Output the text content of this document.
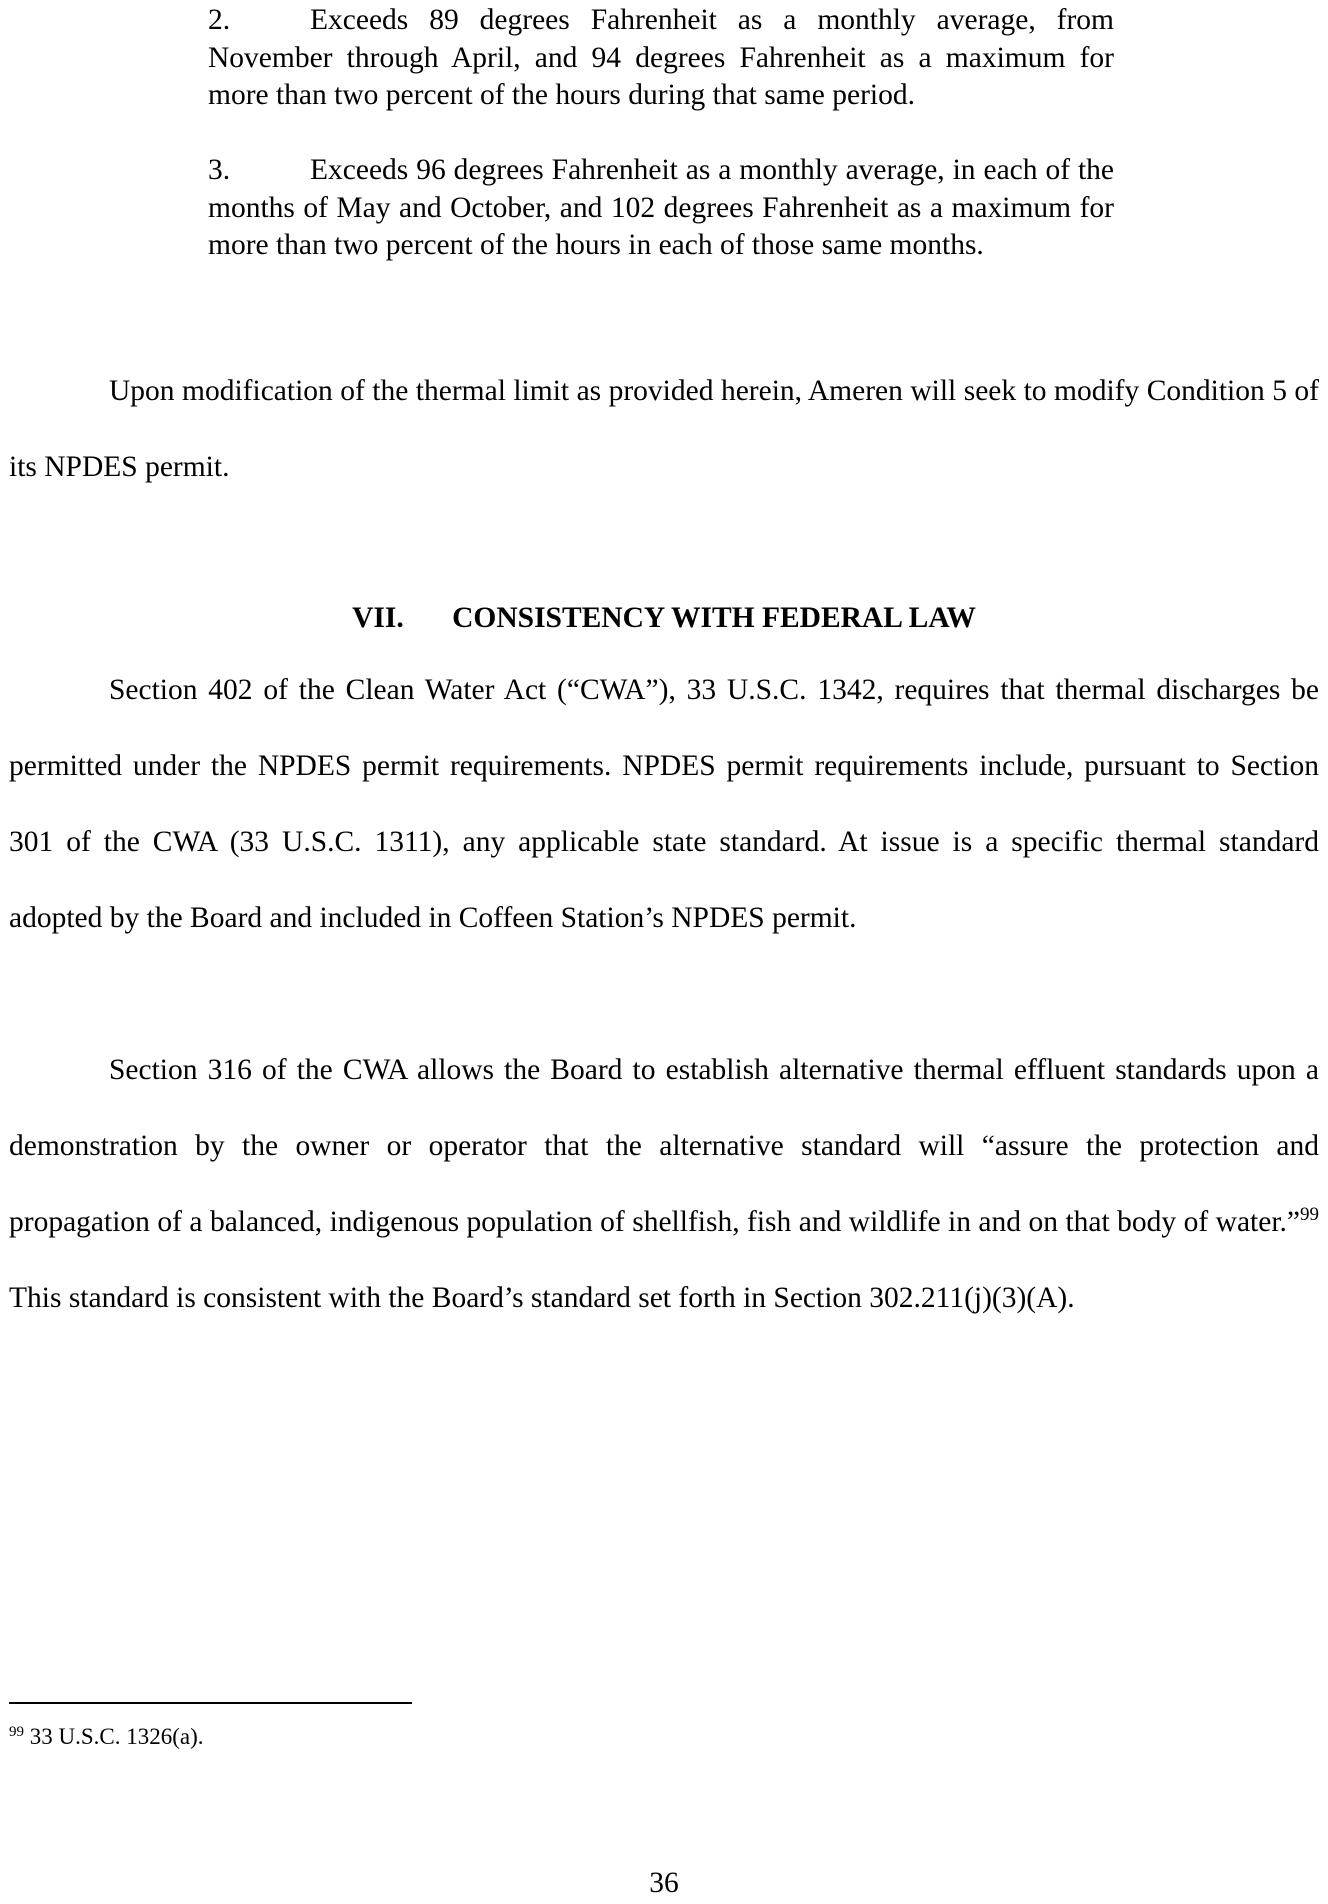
2.	Exceeds 89 degrees Fahrenheit as a monthly average, from November through April, and 94 degrees Fahrenheit as a maximum for more than two percent of the hours during that same period.
3.	Exceeds 96 degrees Fahrenheit as a monthly average, in each of the months of May and October, and 102 degrees Fahrenheit as a maximum for more than two percent of the hours in each of those same months.
Upon modification of the thermal limit as provided herein, Ameren will seek to modify Condition 5 of its NPDES permit.
VII. CONSISTENCY WITH FEDERAL LAW
Section 402 of the Clean Water Act (“CWA”), 33 U.S.C. 1342, requires that thermal discharges be permitted under the NPDES permit requirements. NPDES permit requirements include, pursuant to Section 301 of the CWA (33 U.S.C. 1311), any applicable state standard. At issue is a specific thermal standard adopted by the Board and included in Coffeen Station’s NPDES permit.
Section 316 of the CWA allows the Board to establish alternative thermal effluent standards upon a demonstration by the owner or operator that the alternative standard will “assure the protection and propagation of a balanced, indigenous population of shellfish, fish and wildlife in and on that body of water.”$^{99}$ This standard is consistent with the Board’s standard set forth in Section 302.211(j)(3)(A).
$^{99}$ 33 U.S.C. 1326(a).
36
